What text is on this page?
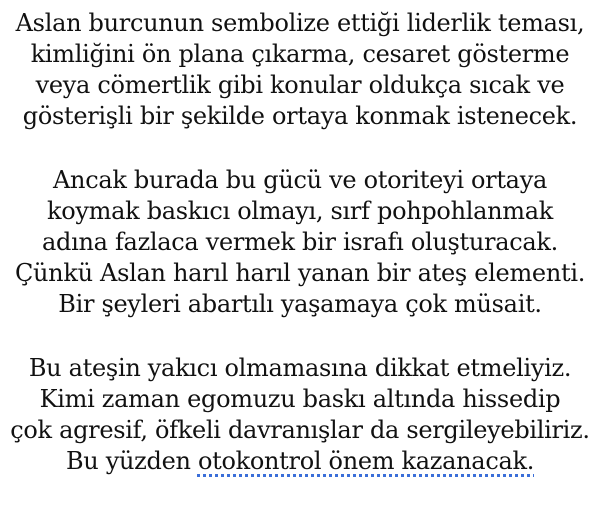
Aslan burcunun sembolize ettiği liderlik teması,
kimliğini ön plana çıkarma, cesaret gösterme
veya cömertlik gibi konular oldukça sıcak ve
gösterişli bir şekilde ortaya konmak istenecek.

Ancak burada bu gücü ve otoriteyi ortaya
koymak baskıcı olmayı, sırf pohpohlanmak
adına fazlaca vermek bir israfı oluşturacak.
Çünkü Aslan harıl harıl yanan bir ateş elementi.
Bir şeyleri abartılı yaşamaya çok müsait.

Bu ateşin yakıcı olmamasına dikkat etmeliyiz.
Kimi zaman egomuzu baskı altında hissedip
çok agresif, öfkeli davranışlar da sergileyebiliriz.
Bu yüzden otokontrol önem kazanacak.
